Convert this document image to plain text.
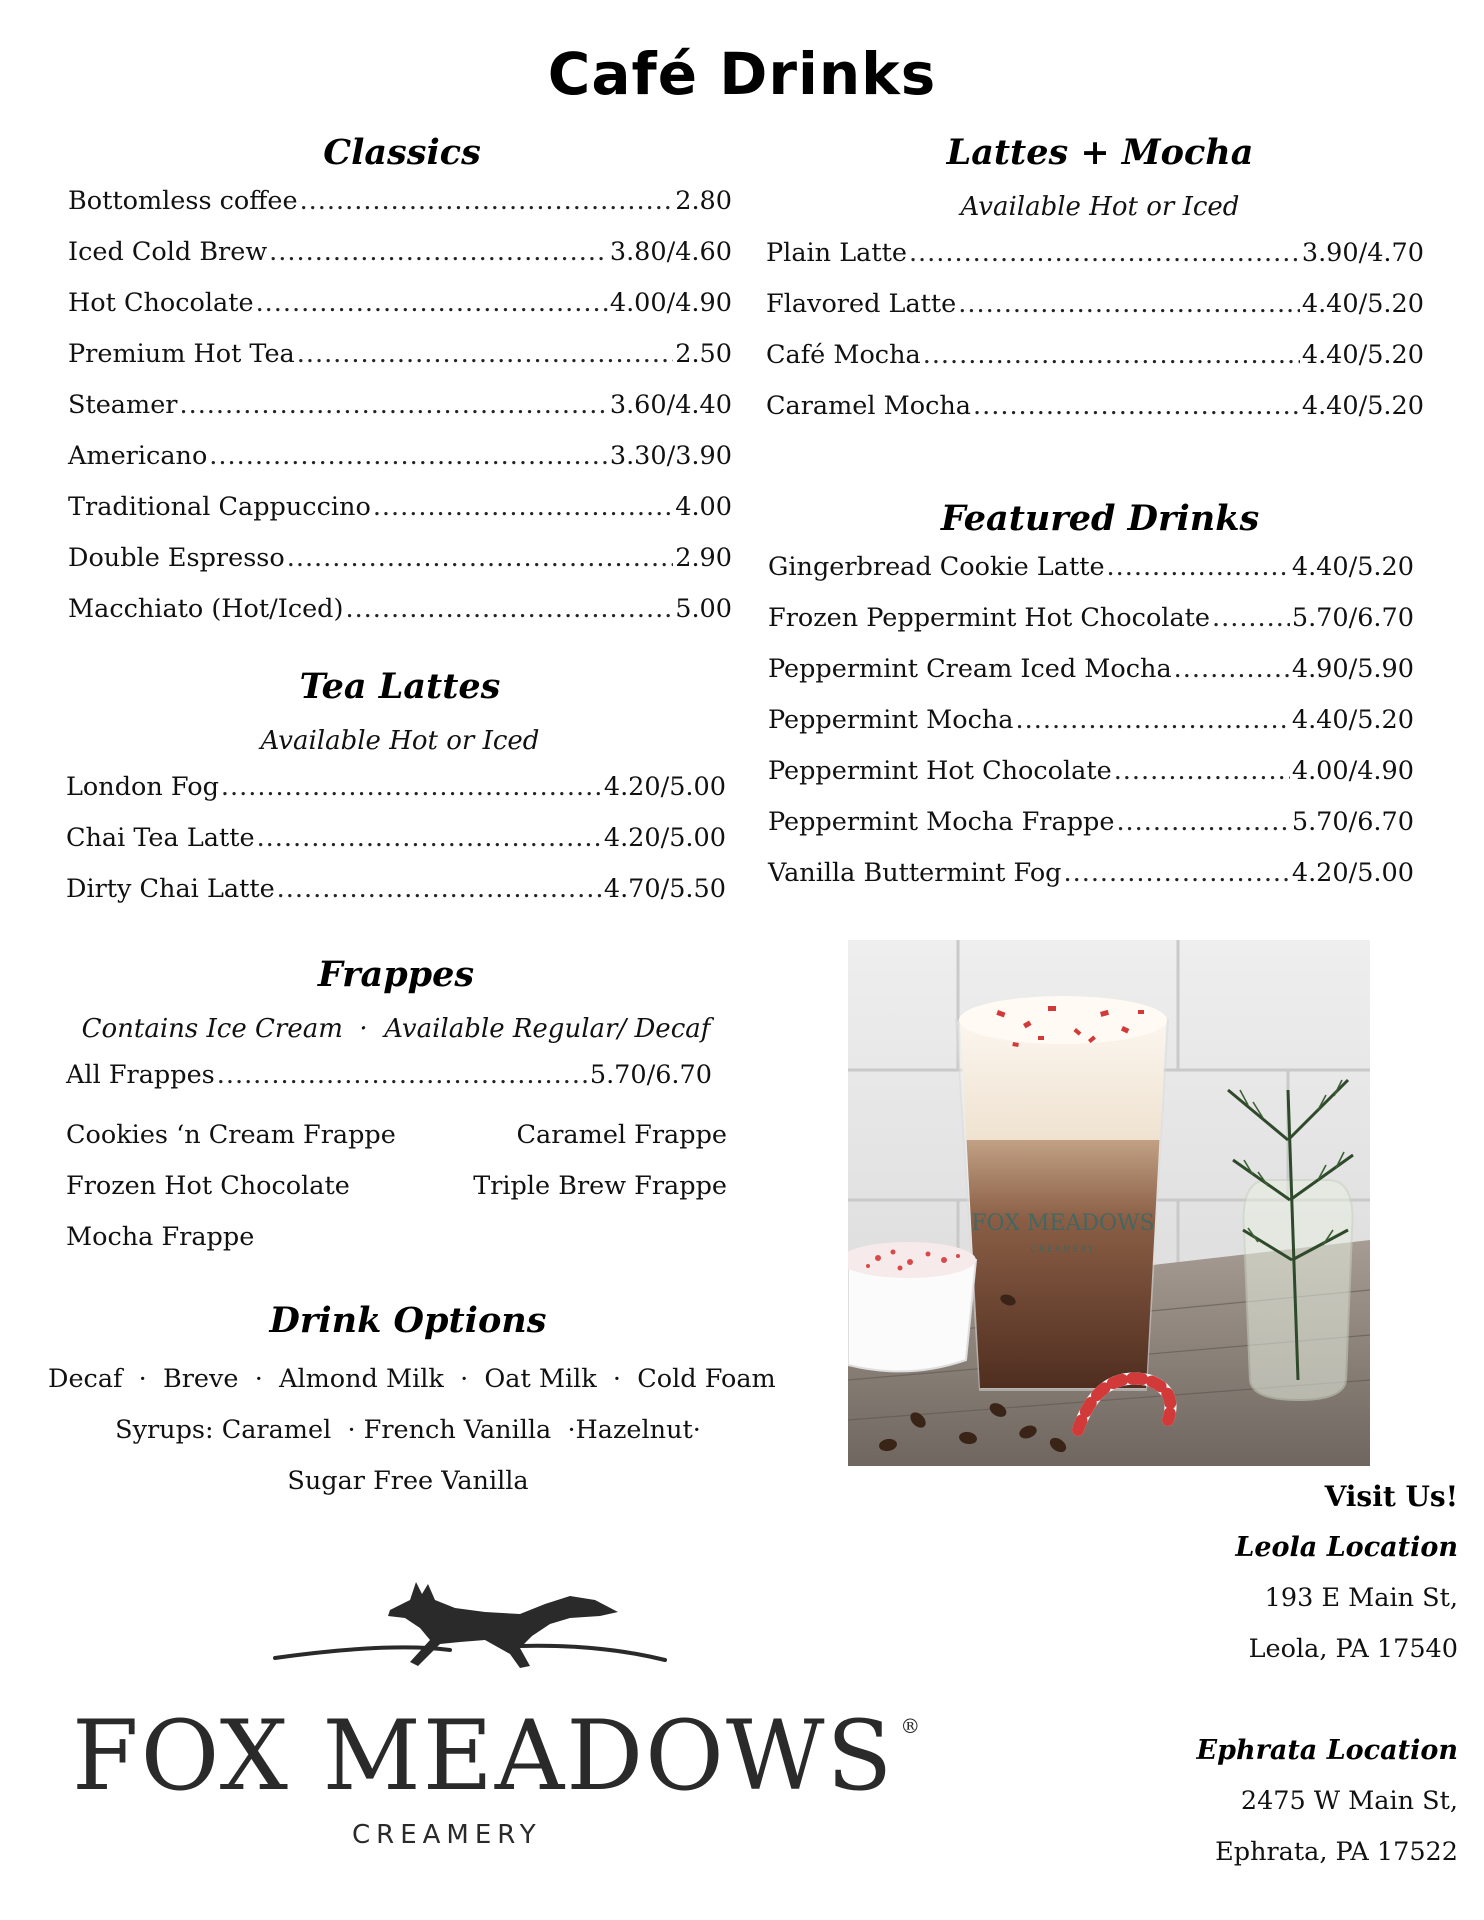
Café Drinks
Classics
Bottomless coffee .....	2.80
Iced Cold Brew .....	3.80/4.60
Hot Chocolate .....	4.00/4.90
Premium Hot Tea .....	2.50
Steamer .....	3.60/4.40
Americano .....	3.30/3.90
Traditional Cappuccino .....	4.00
Double Espresso .....	2.90
Macchiato (Hot/Iced) .....	5.00
Tea Lattes
Available Hot or Iced
London Fog .....	4.20/5.00
Chai Tea Latte .....	4.20/5.00
Dirty Chai Latte .....	4.70/5.50
Frappes
Contains Ice Cream  ·  Available Regular/ Decaf
All Frappes .....	5.70/6.70
Cookies ‘n Cream Frappe	Caramel Frappe
Frozen Hot Chocolate	Triple Brew Frappe
Mocha Frappe
Drink Options
Decaf  ·  Breve  ·  Almond Milk  ·  Oat Milk  ·  Cold Foam
Syrups: Caramel  · French Vanilla  ·Hazelnut·
Sugar Free Vanilla
Lattes + Mocha
Available Hot or Iced
Plain Latte .....	3.90/4.70
Flavored Latte .....	4.40/5.20
Café Mocha .....	4.40/5.20
Caramel Mocha .....	4.40/5.20
Featured Drinks
Gingerbread Cookie Latte .....	4.40/5.20
Frozen Peppermint Hot Chocolate .....	5.70/6.70
Peppermint Cream Iced Mocha .....	4.90/5.90
Peppermint Mocha .....	4.40/5.20
Peppermint Hot Chocolate .....	4.00/4.90
Peppermint Mocha Frappe .....	5.70/6.70
Vanilla Buttermint Fog .....	4.20/5.00
FOX MEADOWS
CREAMERY
Visit Us!
Leola Location
193 E Main St,
Leola, PA 17540
Ephrata Location
2475 W Main St,
Ephrata, PA 17522
FOX MEADOWS ®
CREAMERY
